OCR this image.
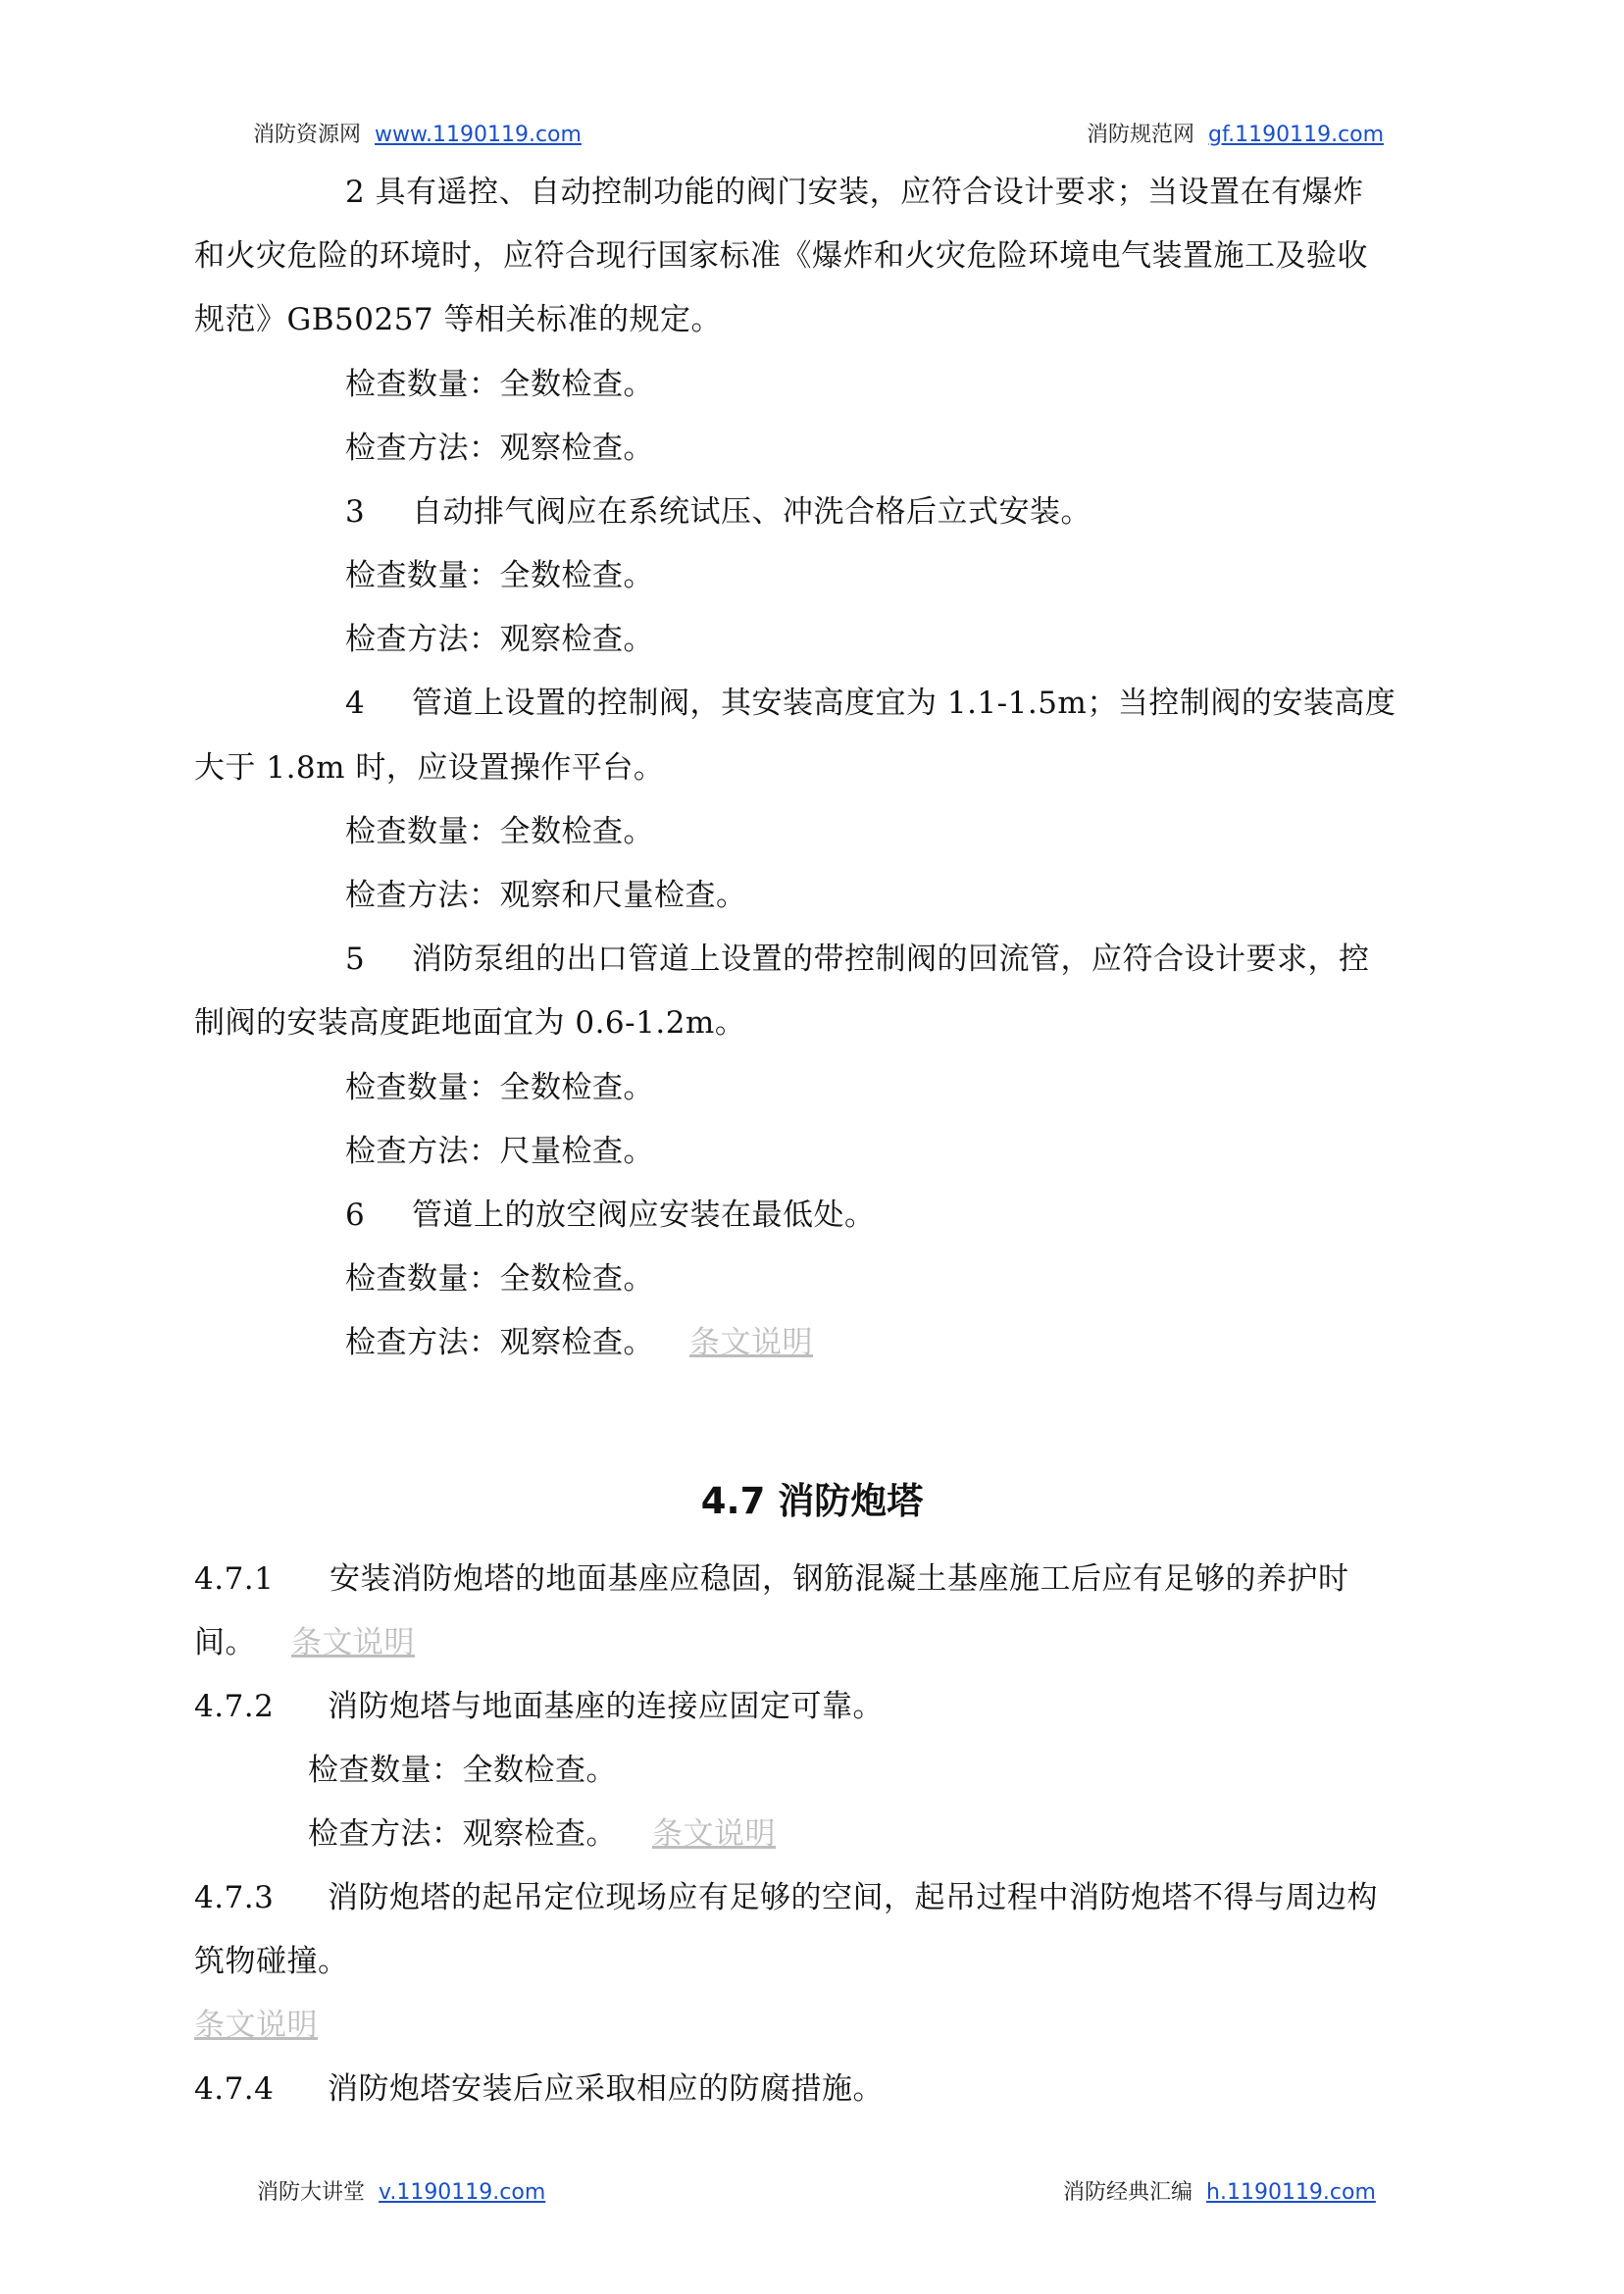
消防资源网 www.1190119.com	消防规范网 gf.1190119.com
2 具有遥控、自动控制功能的阀门安装，应符合设计要求；当设置在有爆炸
和火灾危险的环境时，应符合现行国家标准《爆炸和火灾危险环境电气装置施工及验收
规范》GB50257 等相关标准的规定。
检查数量：全数检查。
检查方法：观察检查。
3 自动排气阀应在系统试压、冲洗合格后立式安装。
检查数量：全数检查。
检查方法：观察检查。
4 管道上设置的控制阀，其安装高度宜为 1.1-1.5m；当控制阀的安装高度
大于 1.8m 时，应设置操作平台。
检查数量：全数检查。
检查方法：观察和尺量检查。
5 消防泵组的出口管道上设置的带控制阀的回流管，应符合设计要求，控
制阀的安装高度距地面宜为 0.6-1.2m。
检查数量：全数检查。
检查方法：尺量检查。
6 管道上的放空阀应安装在最低处。
检查数量：全数检查。
检查方法：观察检查。 条文说明
4.7 消防炮塔
4.7.1 安装消防炮塔的地面基座应稳固，钢筋混凝土基座施工后应有足够的养护时
间。 条文说明
4.7.2 消防炮塔与地面基座的连接应固定可靠。
检查数量：全数检查。
检查方法：观察检查。 条文说明
4.7.3 消防炮塔的起吊定位现场应有足够的空间，起吊过程中消防炮塔不得与周边构
筑物碰撞。
条文说明
4.7.4 消防炮塔安装后应采取相应的防腐措施。
消防大讲堂 v.1190119.com	消防经典汇编 h.1190119.com
